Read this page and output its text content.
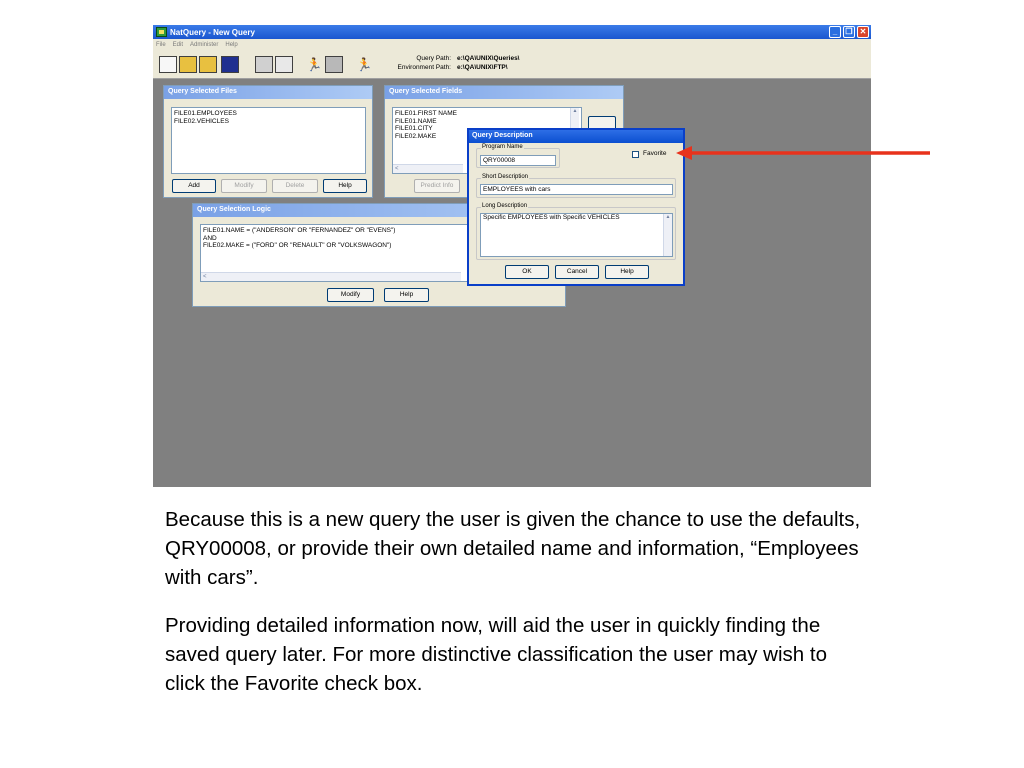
NatQuery - New Query	_	❐ ✕
File Edit Administer Help
🏃	🏃	Query Path: e:\QA\UNIX\Queries\
Environment Path: e:\QA\UNIX\FTP\
Query Selected Files
FILE01.EMPLOYEES
FILE02.VEHICLES
Add	Modify	Delete	Help
Query Selected Fields
FILE01.FIRST NAME
FILE01.NAME
FILE01.CITY
FILE02.MAKE
▲
<
Predict Info
Query Selection Logic
FILE01.NAME = ("ANDERSON" OR "FERNANDEZ" OR "EVENS")
AND
FILE02.MAKE = ("FORD" OR "RENAULT" OR "VOLKSWAGON")
<
Modify	Help
Query Description
Program Name
QRY00008
Favorite
Short Description
EMPLOYEES with cars
Long Description
Specific EMPLOYEES with Specific VEHICLES	▲
OK	Cancel	Help

Because this is a new query the user is given the chance to use the defaults, QRY00008, or provide their own detailed name and information, “Employees with cars”.

Providing detailed information now, will aid the user in quickly finding the saved query later. For more distinctive classification the user may wish to click the Favorite check box.
